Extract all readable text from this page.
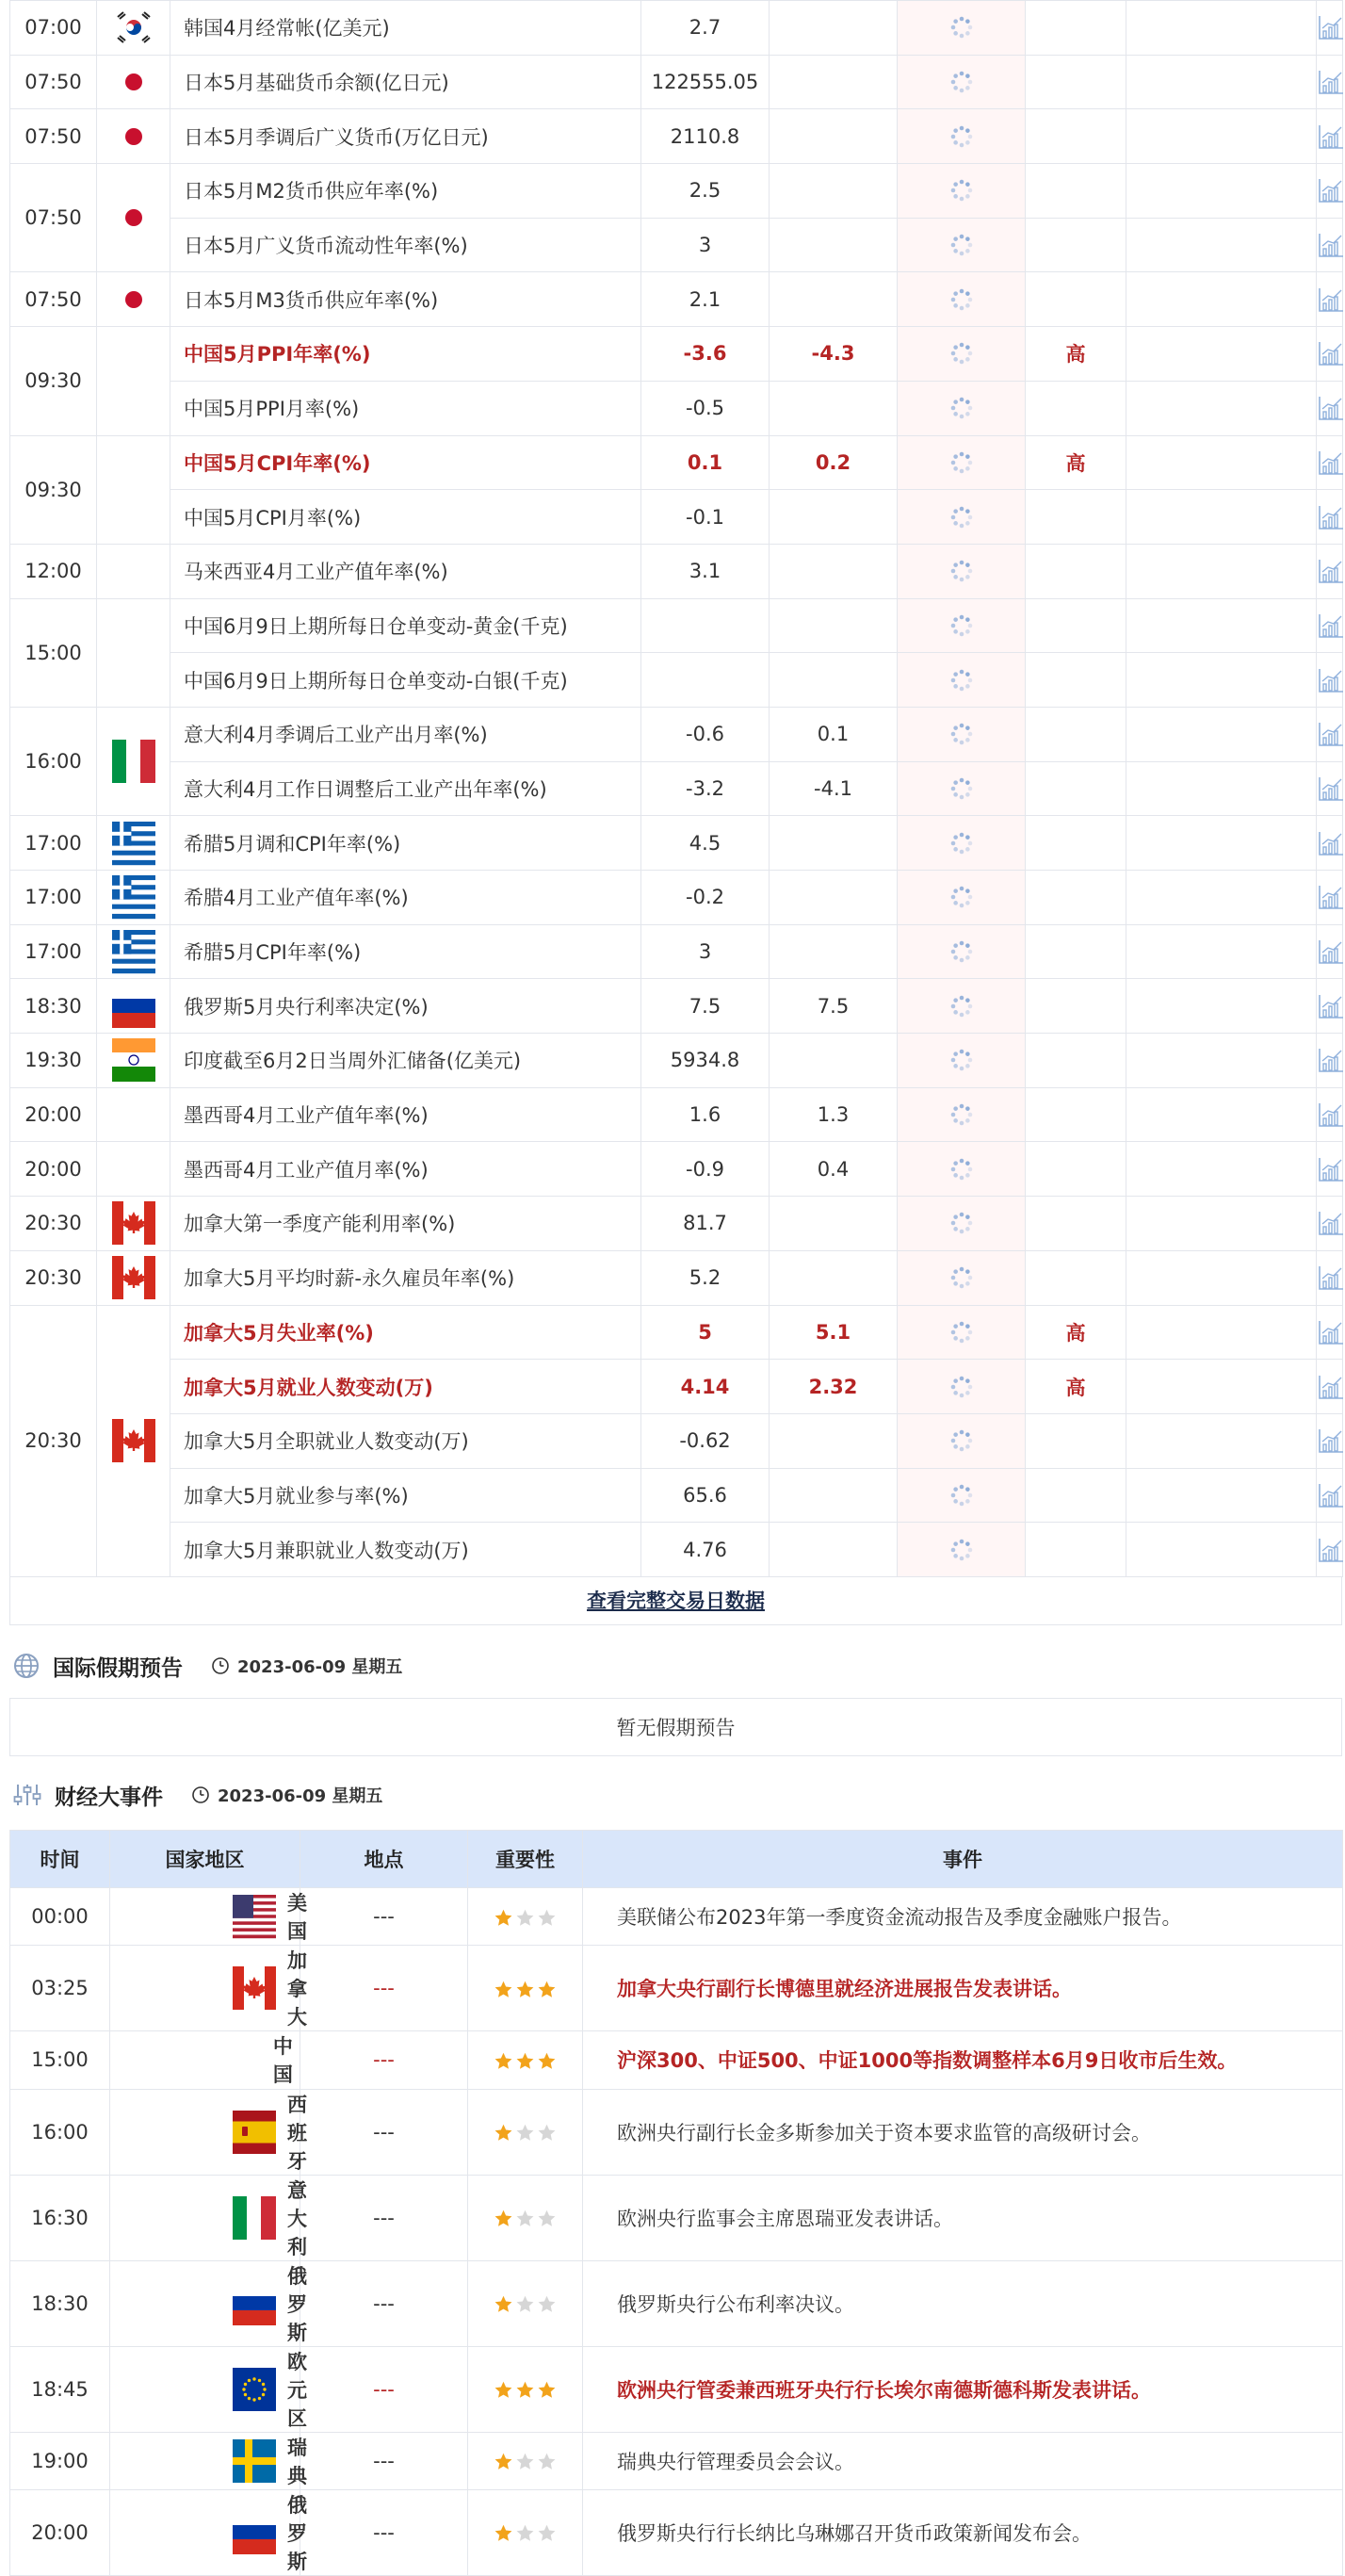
07:00		韩国4月经常帐(亿美元)	2.7					
07:50		日本5月基础货币余额(亿日元)	122555.05					
07:50		日本5月季调后广义货币(万亿日元)	2110.8					
07:50		日本5月M2货币供应年率(%)	2.5					
		日本5月广义货币流动性年率(%)	3					
07:50		日本5月M3货币供应年率(%)	2.1					
09:30		中国5月PPI年率(%)	-3.6	-4.3		高		
		中国5月PPI月率(%)	-0.5					
09:30		中国5月CPI年率(%)	0.1	0.2		高		
		中国5月CPI月率(%)	-0.1					
12:00		马来西亚4月工业产值年率(%)	3.1					
15:00		中国6月9日上期所每日仓单变动-黄金(千克)						
		中国6月9日上期所每日仓单变动-白银(千克)						
16:00		意大利4月季调后工业产出月率(%)	-0.6	0.1				
		意大利4月工作日调整后工业产出年率(%)	-3.2	-4.1				
17:00		希腊5月调和CPI年率(%)	4.5					
17:00		希腊4月工业产值年率(%)	-0.2					
17:00		希腊5月CPI年率(%)	3					
18:30		俄罗斯5月央行利率决定(%)	7.5	7.5				
19:30		印度截至6月2日当周外汇储备(亿美元)	5934.8					
20:00		墨西哥4月工业产值年率(%)	1.6	1.3				
20:00		墨西哥4月工业产值月率(%)	-0.9	0.4				
20:30		加拿大第一季度产能利用率(%)	81.7					
20:30		加拿大5月平均时薪-永久雇员年率(%)	5.2					
20:30		加拿大5月失业率(%)	5	5.1		高		
		加拿大5月就业人数变动(万)	4.14	2.32		高		
		加拿大5月全职就业人数变动(万)	-0.62					
		加拿大5月就业参与率(%)	65.6					
		加拿大5月兼职就业人数变动(万)	4.76					
查看完整交易日数据
国际假期预告	2023-06-09 星期五
暂无假期预告
财经大事件	2023-06-09 星期五
时间	国家地区	地点	重要性	事件
00:00	美国	---		美联储公布2023年第一季度资金流动报告及季度金融账户报告。
03:25	加拿大	---		加拿大央行副行长博德里就经济进展报告发表讲话。
15:00	中国	---		沪深300、中证500、中证1000等指数调整样本6月9日收市后生效。
16:00	西班牙	---		欧洲央行副行长金多斯参加关于资本要求监管的高级研讨会。
16:30	意大利	---		欧洲央行监事会主席恩瑞亚发表讲话。
18:30	俄罗斯	---		俄罗斯央行公布利率决议。
18:45	欧元区	---		欧洲央行管委兼西班牙央行行长埃尔南德斯德科斯发表讲话。
19:00	瑞典	---		瑞典央行管理委员会会议。
20:00	俄罗斯	---		俄罗斯央行行长纳比乌琳娜召开货币政策新闻发布会。
